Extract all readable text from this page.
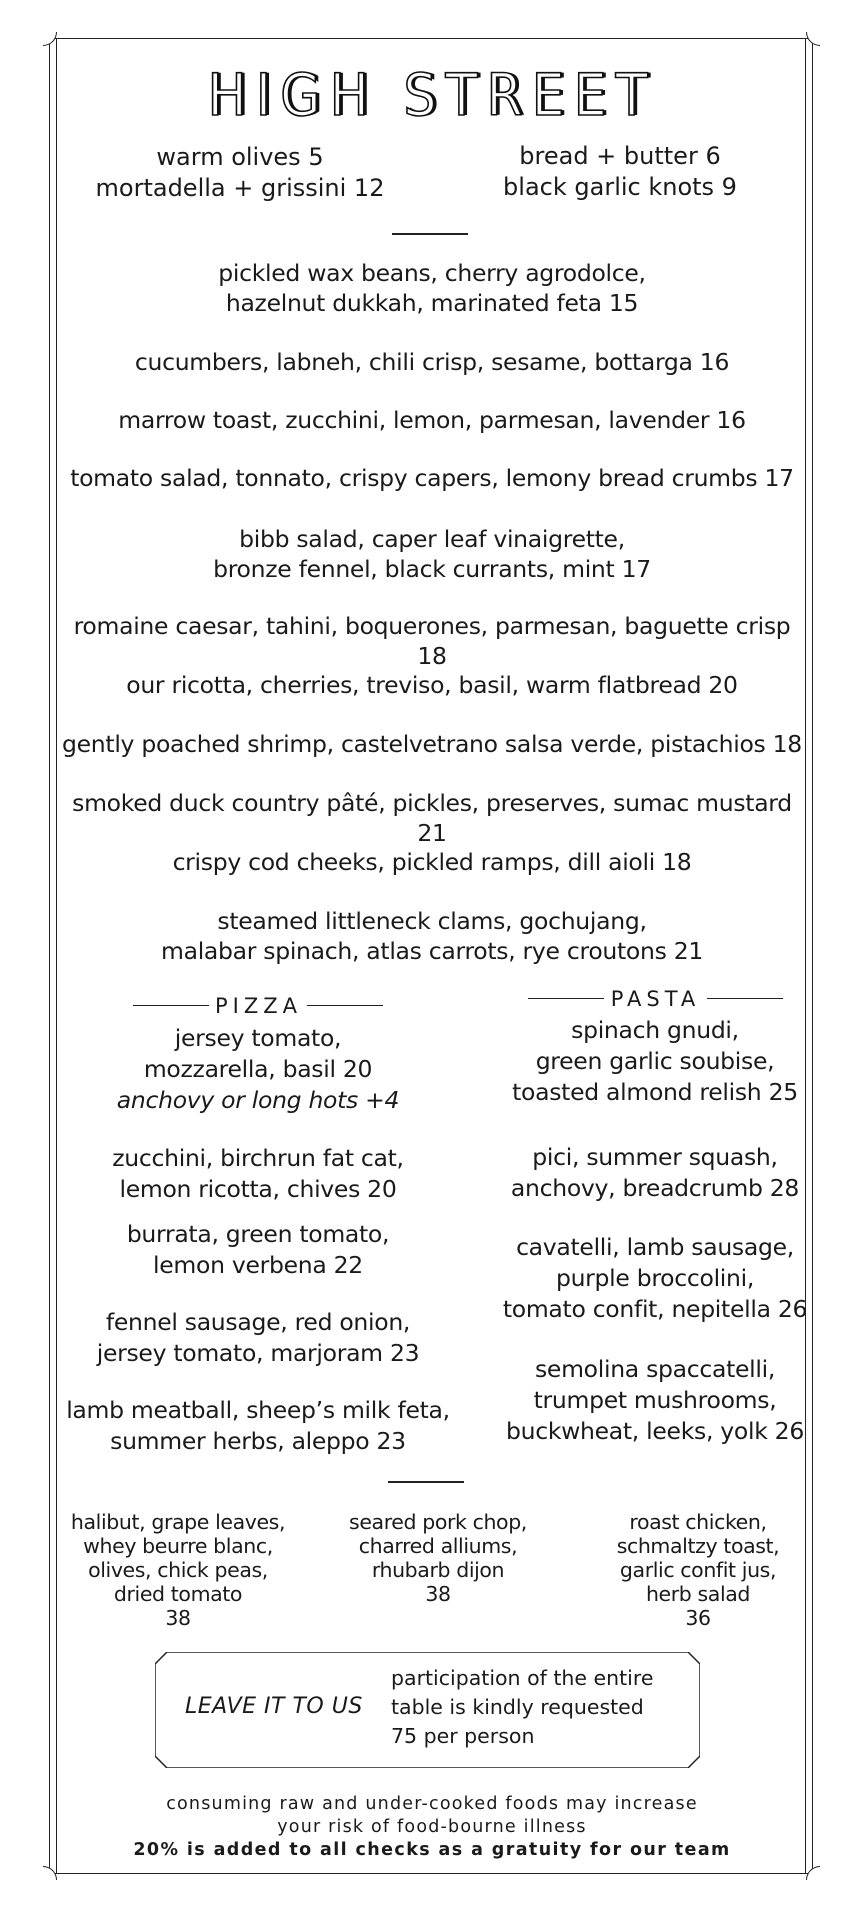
HIGH STREET
warm olives 5
mortadella + grissini 12
bread + butter 6
black garlic knots 9
pickled wax beans, cherry agrodolce,
hazelnut dukkah, marinated feta 15
cucumbers, labneh, chili crisp, sesame, bottarga 16
marrow toast, zucchini, lemon, parmesan, lavender 16
tomato salad, tonnato, crispy capers, lemony bread crumbs 17
bibb salad, caper leaf vinaigrette,
bronze fennel, black currants, mint 17
romaine caesar, tahini, boquerones, parmesan, baguette crisp 18
our ricotta, cherries, treviso, basil, warm flatbread 20
gently poached shrimp, castelvetrano salsa verde, pistachios 18
smoked duck country pâté, pickles, preserves, sumac mustard 21
crispy cod cheeks, pickled ramps, dill aioli 18
steamed littleneck clams, gochujang,
malabar spinach, atlas carrots, rye croutons 21
PIZZA
jersey tomato,
mozzarella, basil 20
anchovy or long hots +4
zucchini, birchrun fat cat,
lemon ricotta, chives 20
burrata, green tomato,
lemon verbena 22
fennel sausage, red onion,
jersey tomato, marjoram 23
lamb meatball, sheep’s milk feta,
summer herbs, aleppo 23
PASTA
spinach gnudi,
green garlic soubise,
toasted almond relish 25
pici, summer squash,
anchovy, breadcrumb 28
cavatelli, lamb sausage,
purple broccolini,
tomato confit, nepitella 26
semolina spaccatelli,
trumpet mushrooms,
buckwheat, leeks, yolk 26
halibut, grape leaves,
whey beurre blanc,
olives, chick peas,
dried tomato
38
seared pork chop,
charred alliums,
rhubarb dijon
38
roast chicken,
schmaltzy toast,
garlic confit jus,
herb salad
36
LEAVE IT TO US
participation of the entire
table is kindly requested
75 per person
consuming raw and under-cooked foods may increase
your risk of food-bourne illness
20% is added to all checks as a gratuity for our team
